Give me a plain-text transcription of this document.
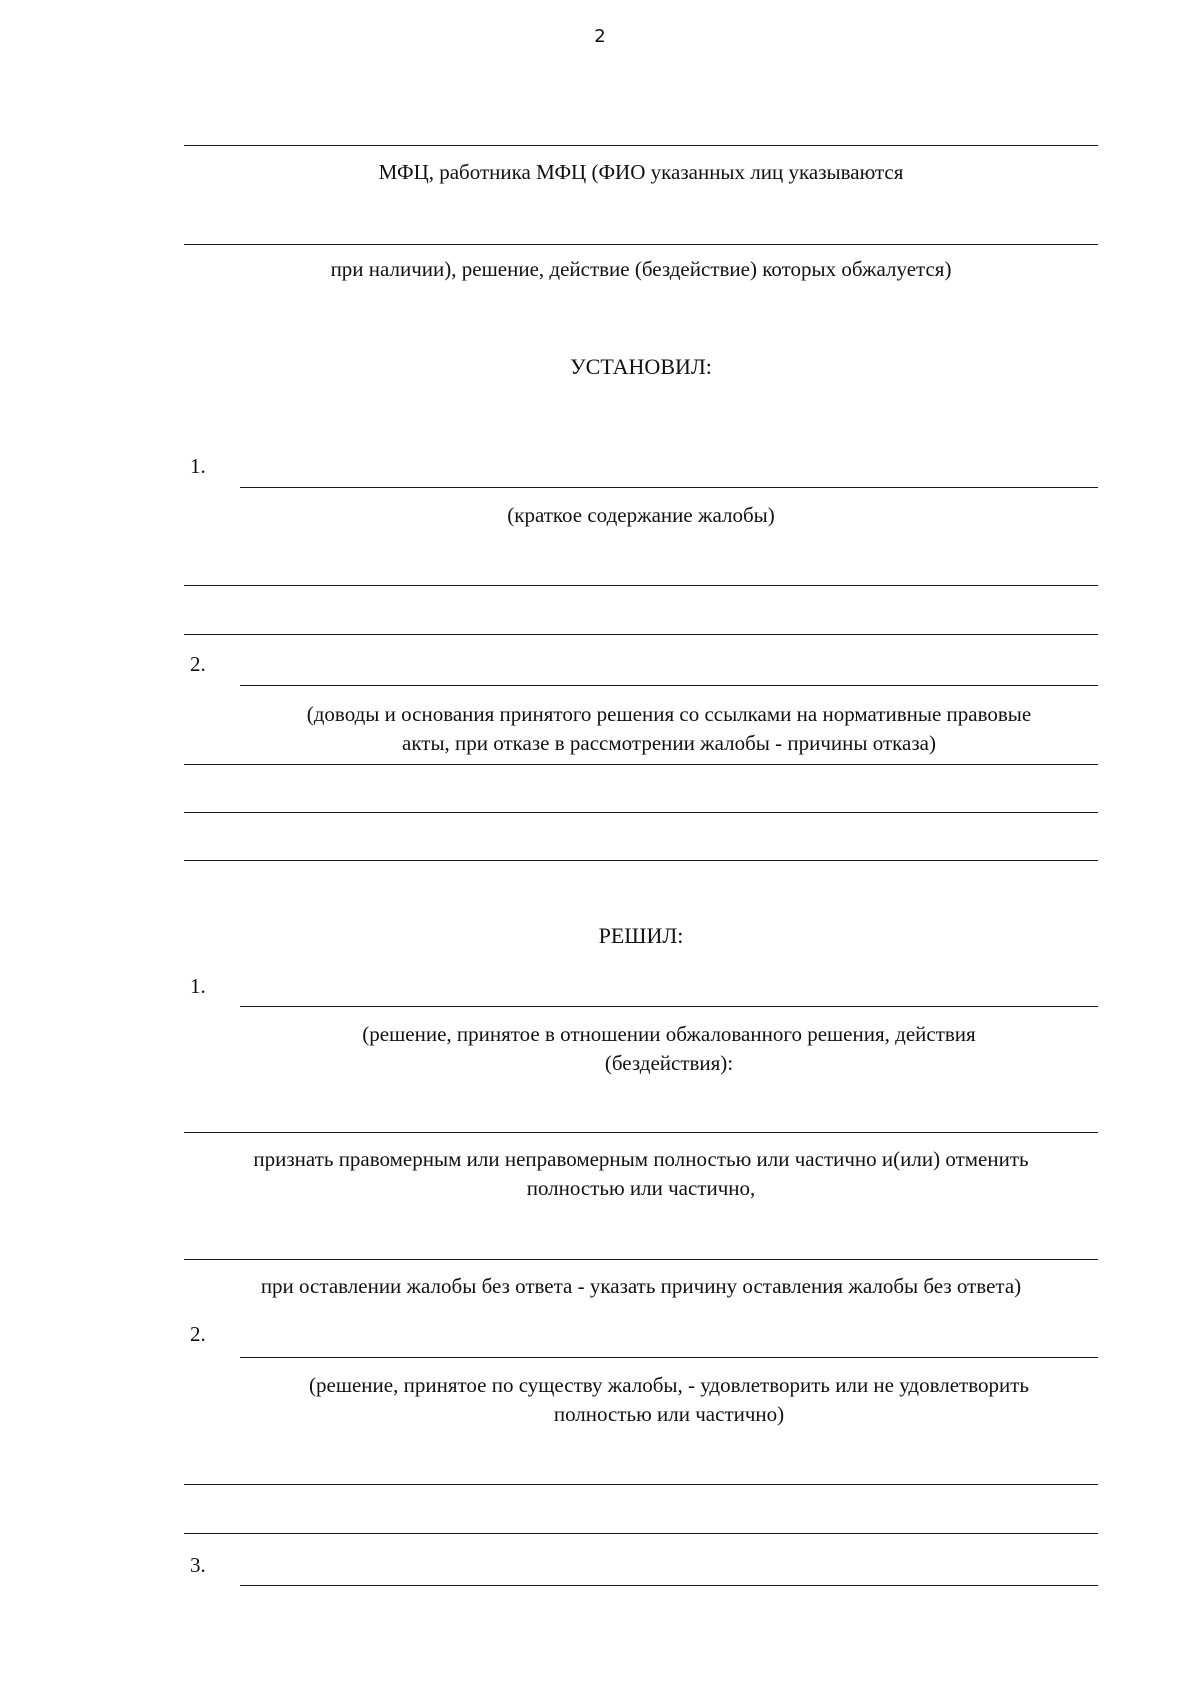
2
МФЦ, работника МФЦ (ФИО указанных лиц указываются
при наличии), решение, действие (бездействие) которых обжалуется)
УСТАНОВИЛ:
1.
(краткое содержание жалобы)
2.
(доводы и основания принятого решения со ссылками на нормативные правовые
акты, при отказе в рассмотрении жалобы - причины отказа)
РЕШИЛ:
1.
(решение, принятое в отношении обжалованного решения, действия
(бездействия):
признать правомерным или неправомерным полностью или частично и(или) отменить
полностью или частично,
при оставлении жалобы без ответа - указать причину оставления жалобы без ответа)
2.
(решение, принятое по существу жалобы, - удовлетворить или не удовлетворить
полностью или частично)
3.
